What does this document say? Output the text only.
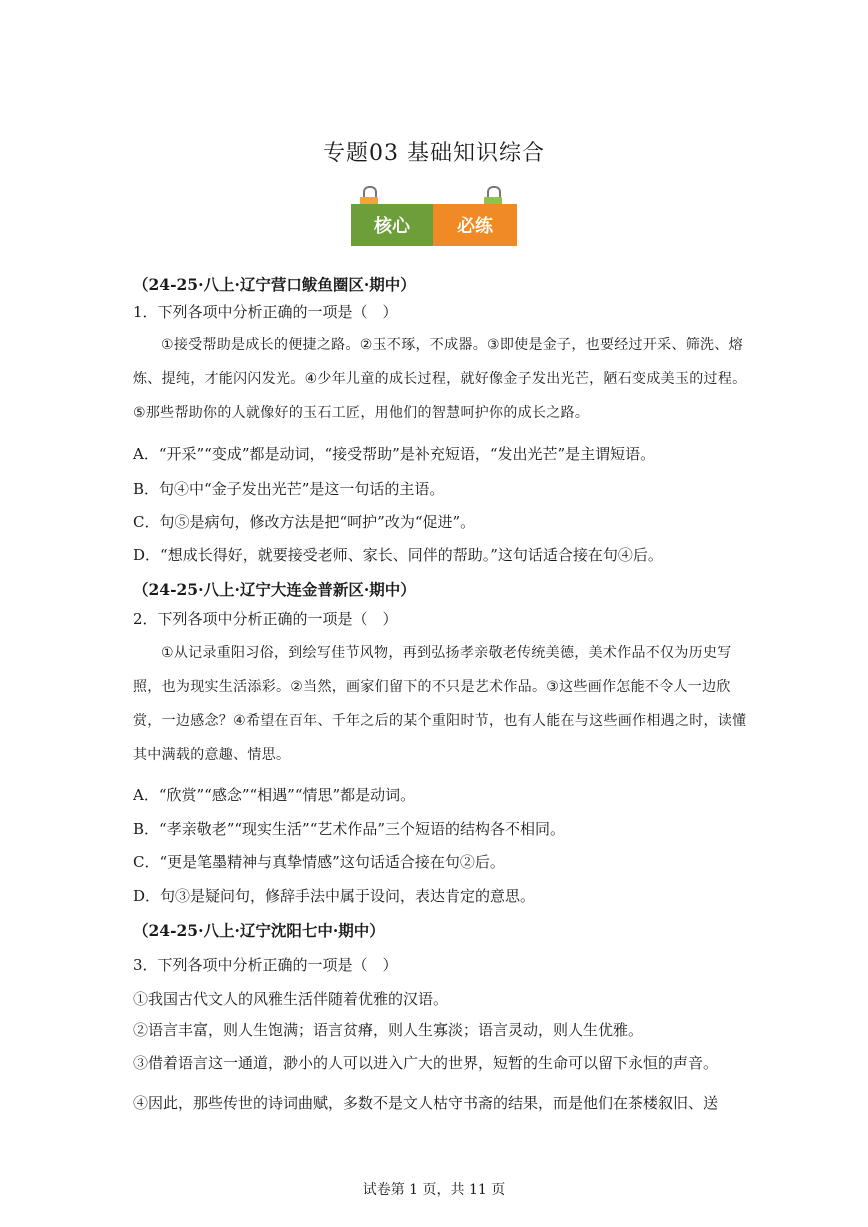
专题03 基础知识综合
核心	必练
（24-25·八上·辽宁营口鲅鱼圈区·期中）
1．下列各项中分析正确的一项是（　）
①接受帮助是成长的便捷之路。②玉不琢，不成器。③即使是金子，也要经过开采、筛洗、熔炼、提纯，才能闪闪发光。④少年儿童的成长过程，就好像金子发出光芒，陋石变成美玉的过程。⑤那些帮助你的人就像好的玉石工匠，用他们的智慧呵护你的成长之路。
A．“开采”“变成”都是动词，“接受帮助”是补充短语，“发出光芒”是主谓短语。
B．句④中“金子发出光芒”是这一句话的主语。
C．句⑤是病句，修改方法是把“呵护”改为“促进”。
D．“想成长得好，就要接受老师、家长、同伴的帮助。”这句话适合接在句④后。
（24-25·八上·辽宁大连金普新区·期中）
2．下列各项中分析正确的一项是（　）
①从记录重阳习俗，到绘写佳节风物，再到弘扬孝亲敬老传统美德，美术作品不仅为历史写照，也为现实生活添彩。②当然，画家们留下的不只是艺术作品。③这些画作怎能不令人一边欣赏，一边感念？④希望在百年、千年之后的某个重阳时节，也有人能在与这些画作相遇之时，读懂其中满载的意趣、情思。
A．“欣赏”“感念”“相遇”“情思”都是动词。
B．“孝亲敬老”“现实生活”“艺术作品”三个短语的结构各不相同。
C．“更是笔墨精神与真挚情感”这句话适合接在句②后。
D．句③是疑问句，修辞手法中属于设问，表达肯定的意思。
（24-25·八上·辽宁沈阳七中·期中）
3．下列各项中分析正确的一项是（　）
①我国古代文人的风雅生活伴随着优雅的汉语。
②语言丰富，则人生饱满；语言贫瘠，则人生寡淡；语言灵动，则人生优雅。
③借着语言这一通道，渺小的人可以进入广大的世界，短暂的生命可以留下永恒的声音。
④因此，那些传世的诗词曲赋，多数不是文人枯守书斋的结果，而是他们在茶楼叙旧、送
试卷第 1 页，共 11 页
